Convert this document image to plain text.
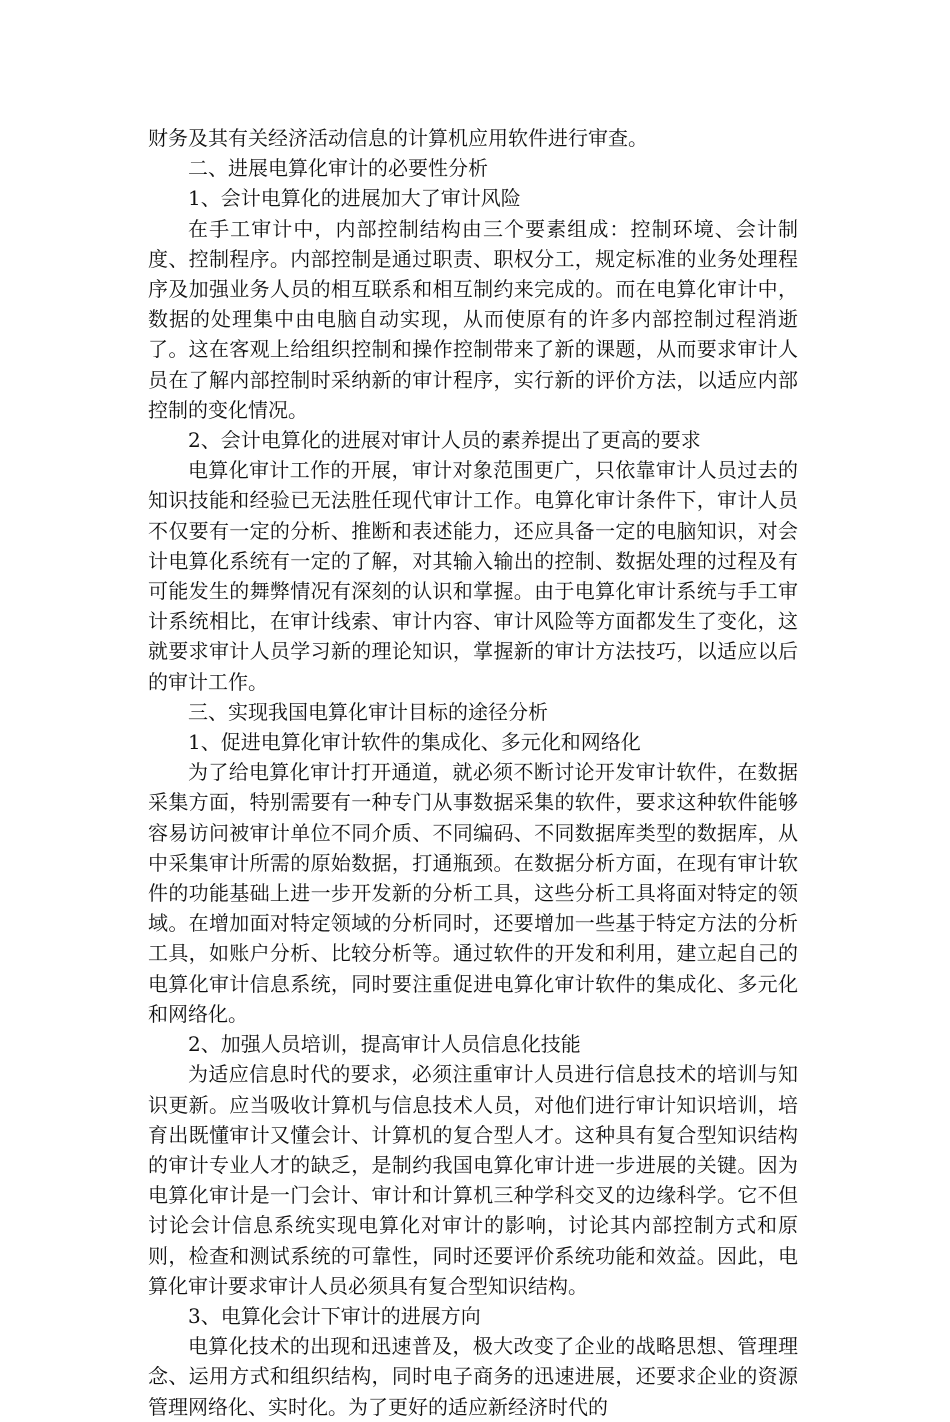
财务及其有关经济活动信息的计算机应用软件进行审查。

二、进展电算化审计的必要性分析

1、会计电算化的进展加大了审计风险

在手工审计中，内部控制结构由三个要素组成：控制环境、会计制度、控制程序。内部控制是通过职责、职权分工，规定标准的业务处理程序及加强业务人员的相互联系和相互制约来完成的。而在电算化审计中，数据的处理集中由电脑自动实现，从而使原有的许多内部控制过程消逝了。这在客观上给组织控制和操作控制带来了新的课题，从而要求审计人员在了解内部控制时采纳新的审计程序，实行新的评价方法，以适应内部控制的变化情况。

2、会计电算化的进展对审计人员的素养提出了更高的要求

电算化审计工作的开展，审计对象范围更广，只依靠审计人员过去的知识技能和经验已无法胜任现代审计工作。电算化审计条件下，审计人员不仅要有一定的分析、推断和表述能力，还应具备一定的电脑知识，对会计电算化系统有一定的了解，对其输入输出的控制、数据处理的过程及有可能发生的舞弊情况有深刻的认识和掌握。由于电算化审计系统与手工审计系统相比，在审计线索、审计内容、审计风险等方面都发生了变化，这就要求审计人员学习新的理论知识，掌握新的审计方法技巧，以适应以后的审计工作。

三、实现我国电算化审计目标的途径分析

1、促进电算化审计软件的集成化、多元化和网络化

为了给电算化审计打开通道，就必须不断讨论开发审计软件，在数据采集方面，特别需要有一种专门从事数据采集的软件，要求这种软件能够容易访问被审计单位不同介质、不同编码、不同数据库类型的数据库，从中采集审计所需的原始数据，打通瓶颈。在数据分析方面，在现有审计软件的功能基础上进一步开发新的分析工具，这些分析工具将面对特定的领域。在增加面对特定领域的分析同时，还要增加一些基于特定方法的分析工具，如账户分析、比较分析等。通过软件的开发和利用，建立起自己的电算化审计信息系统，同时要注重促进电算化审计软件的集成化、多元化和网络化。

2、加强人员培训，提高审计人员信息化技能

为适应信息时代的要求，必须注重审计人员进行信息技术的培训与知识更新。应当吸收计算机与信息技术人员，对他们进行审计知识培训，培育出既懂审计又懂会计、计算机的复合型人才。这种具有复合型知识结构的审计专业人才的缺乏，是制约我国电算化审计进一步进展的关键。因为电算化审计是一门会计、审计和计算机三种学科交叉的边缘科学。它不但讨论会计信息系统实现电算化对审计的影响，讨论其内部控制方式和原则，检查和测试系统的可靠性，同时还要评价系统功能和效益。因此，电算化审计要求审计人员必须具有复合型知识结构。

3、电算化会计下审计的进展方向

电算化技术的出现和迅速普及，极大改变了企业的战略思想、管理理念、运用方式和组织结构，同时电子商务的迅速进展，还要求企业的资源管理网络化、实时化。为了更好的适应新经济时代的
